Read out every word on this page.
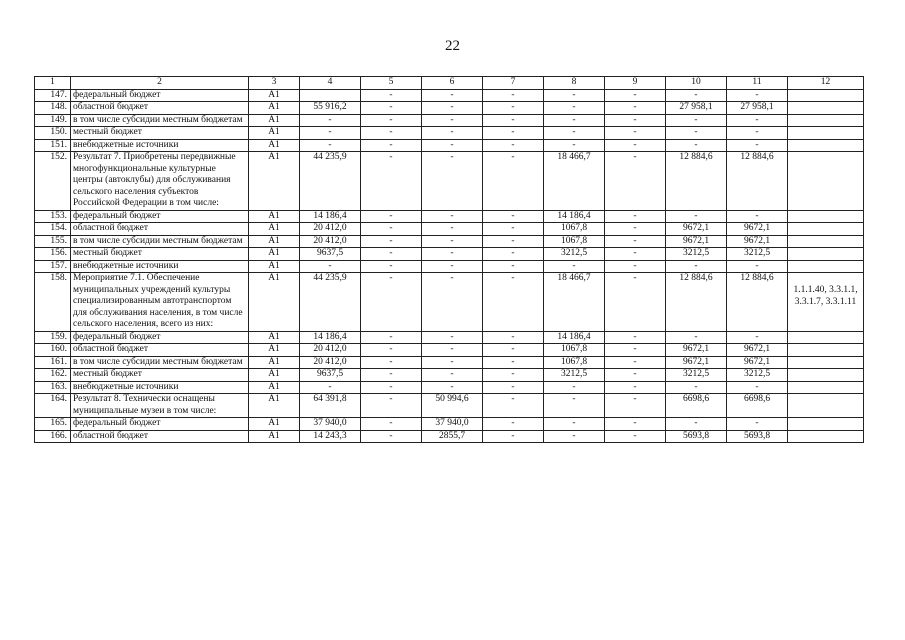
22
1	2	3	4	5	6	7	8	9	10	11	12
147.	федеральный бюджет	А1		-	-	-	-	-	-	-	
148.	областной бюджет	А1	55 916,2	-	-	-	-	-	27 958,1	27 958,1	
149.	в том числе субсидии местным бюджетам	А1	-	-	-	-	-	-	-	-	
150.	местный бюджет	А1	-	-	-	-	-	-	-	-	
151.	внебюджетные источники	А1	-	-	-	-	-	-	-	-	
152.	Результат 7. Приобретены передвижные многофункциональные культурные центры (автоклубы) для обслуживания сельского населения субъектов Российской Федерации в том числе:	А1	44 235,9	-	-	-	18 466,7	-	12 884,6	12 884,6	
153.	федеральный бюджет	А1	14 186,4	-	-	-	14 186,4	-	-	-	
154.	областной бюджет	А1	20 412,0	-	-	-	1067,8	-	9672,1	9672,1	
155.	в том числе субсидии местным бюджетам	А1	20 412,0	-	-	-	1067,8	-	9672,1	9672,1	
156.	местный бюджет	А1	9637,5	-	-	-	3212,5	-	3212,5	3212,5	
157.	внебюджетные источники	А1	-	-	-	-	-	-	-	-	
158.	Мероприятие 7.1. Обеспечение муниципальных учреждений культуры специализированным автотранспортом для обслуживания населения, в том числе сельского населения, всего из них:	А1	44 235,9	-	-	-	18 466,7	-	12 884,6	12 884,6	1.1.1.40, 3.3.1.1, 3.3.1.7, 3.3.1.11
159.	федеральный бюджет	А1	14 186,4	-	-	-	14 186,4	-	-	-	
160.	областной бюджет	А1	20 412,0	-	-	-	1067,8	-	9672,1	9672,1	
161.	в том числе субсидии местным бюджетам	А1	20 412,0	-	-	-	1067,8	-	9672,1	9672,1	
162.	местный бюджет	А1	9637,5	-	-	-	3212,5	-	3212,5	3212,5	
163.	внебюджетные источники	А1	-	-	-	-	-	-	-	-	
164.	Результат 8. Технически оснащены муниципальные музеи в том числе:	А1	64 391,8	-	50 994,6	-	-	-	6698,6	6698,6	
165.	федеральный бюджет	А1	37 940,0	-	37 940,0	-	-	-	-	-	
166.	областной бюджет	А1	14 243,3	-	2855,7	-	-	-	5693,8	5693,8	
